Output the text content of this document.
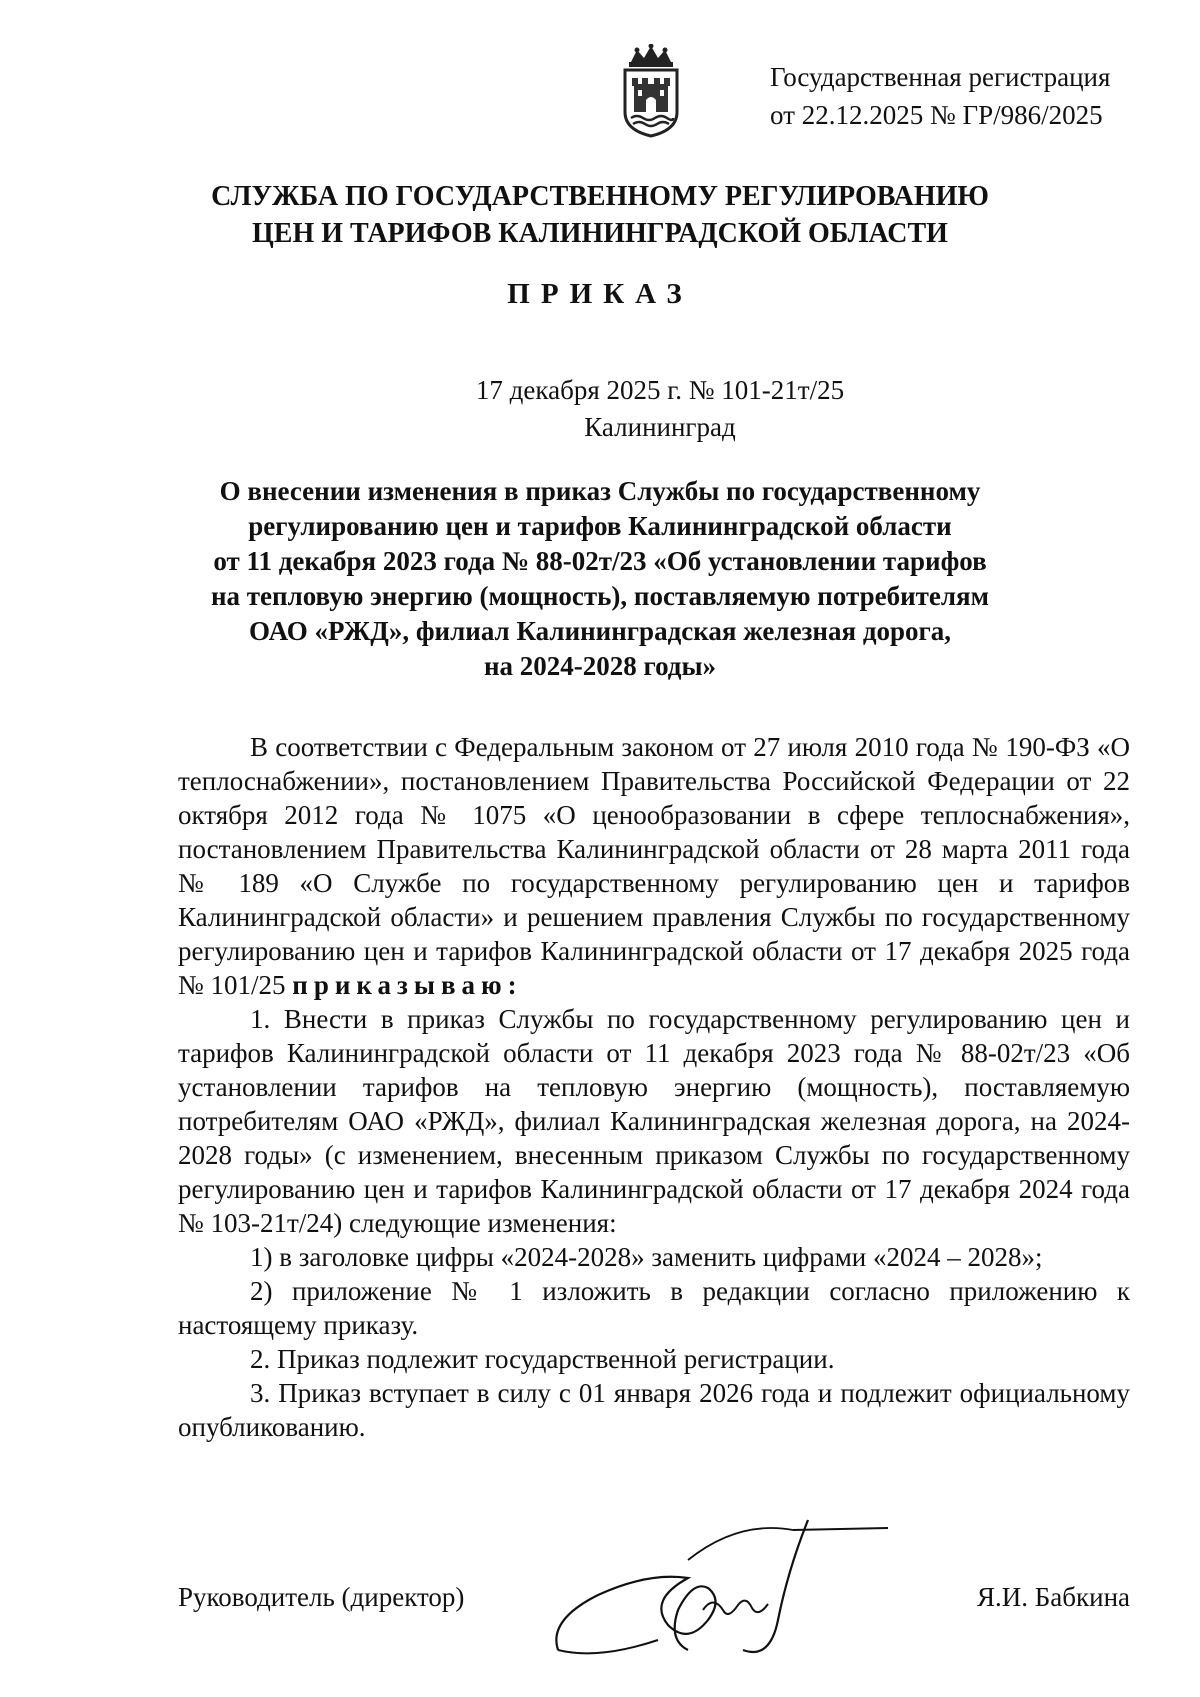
Государственная регистрация
от 22.12.2025 № ГР/986/2025
СЛУЖБА ПО ГОСУДАРСТВЕННОМУ РЕГУЛИРОВАНИЮ
ЦЕН И ТАРИФОВ КАЛИНИНГРАДСКОЙ ОБЛАСТИ
ПРИКАЗ
17 декабря 2025 г. № 101-21т/25
Калининград
О внесении изменения в приказ Службы по государственному
регулированию цен и тарифов Калининградской области
от 11 декабря 2023 года № 88-02т/23 «Об установлении тарифов
на тепловую энергию (мощность), поставляемую потребителям
ОАО «РЖД», филиал Калининградская железная дорога,
на 2024-2028 годы»

В соответствии с Федеральным законом от 27 июля 2010 года № 190-ФЗ «О теплоснабжении», постановлением Правительства Российской Федерации от 22 октября 2012 года № 1075 «О ценообразовании в сфере теплоснабжения», постановлением Правительства Калининградской области от 28 марта 2011 года № 189 «О Службе по государственному регулированию цен и тарифов Калининградской области» и решением правления Службы по государственному регулированию цен и тарифов Калининградской области от 17 декабря 2025 года № 101/25 приказываю:

1. Внести в приказ Службы по государственному регулированию цен и тарифов Калининградской области от 11 декабря 2023 года № 88-02т/23 «Об установлении тарифов на тепловую энергию (мощность), поставляемую потребителям ОАО «РЖД», филиал Калининградская железная дорога, на 2024-2028 годы» (с изменением, внесенным приказом Службы по государственному регулированию цен и тарифов Калининградской области от 17 декабря 2024 года № 103-21т/24) следующие изменения:

1) в заголовке цифры «2024-2028» заменить цифрами «2024 – 2028»;

2) приложение № 1 изложить в редакции согласно приложению к настоящему приказу.

2. Приказ подлежит государственной регистрации.

3. Приказ вступает в силу с 01 января 2026 года и подлежит официальному опубликованию.

Руководитель (директор)	Я.И. Бабкина
